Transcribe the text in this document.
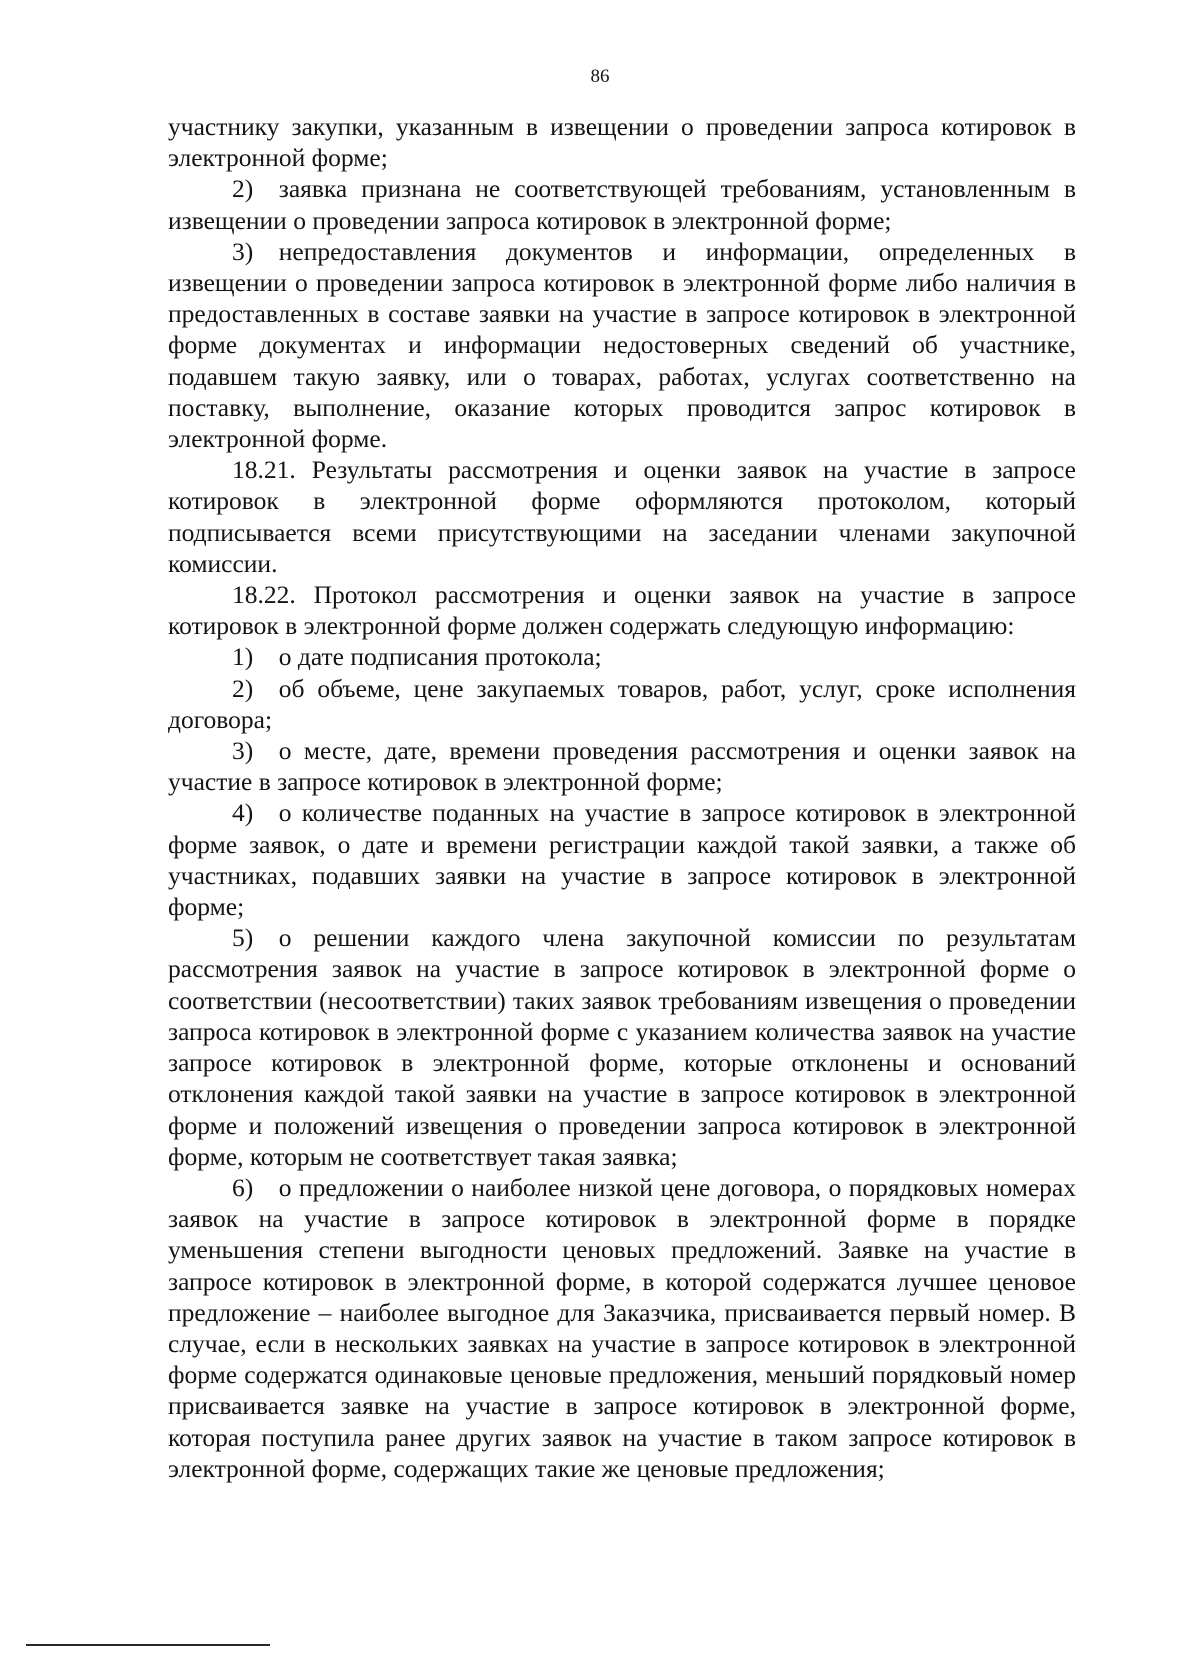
86

участнику закупки, указанным в извещении о проведении запроса котировок в электронной форме;

2) заявка признана не соответствующей требованиям, установленным в извещении о проведении запроса котировок в электронной форме;

3) непредоставления документов и информации, определенных в извещении о проведении запроса котировок в электронной форме либо наличия в предоставленных в составе заявки на участие в запросе котировок в электронной форме документах и информации недостоверных сведений об участнике, подавшем такую заявку, или о товарах, работах, услугах соответственно на поставку, выполнение, оказание которых проводится запрос котировок в электронной форме.

18.21. Результаты рассмотрения и оценки заявок на участие в запросе котировок в электронной форме оформляются протоколом, который подписывается всеми присутствующими на заседании членами закупочной комиссии.

18.22. Протокол рассмотрения и оценки заявок на участие в запросе котировок в электронной форме должен содержать следующую информацию:

1) о дате подписания протокола;

2) об объеме, цене закупаемых товаров, работ, услуг, сроке исполнения договора;

3) о месте, дате, времени проведения рассмотрения и оценки заявок на участие в запросе котировок в электронной форме;

4) о количестве поданных на участие в запросе котировок в электронной форме заявок, о дате и времени регистрации каждой такой заявки, а также об участниках, подавших заявки на участие в запросе котировок в электронной форме;

5) о решении каждого члена закупочной комиссии по результатам рассмотрения заявок на участие в запросе котировок в электронной форме о соответствии (несоответствии) таких заявок требованиям извещения о проведении запроса котировок в электронной форме с указанием количества заявок на участие запросе котировок в электронной форме, которые отклонены и оснований отклонения каждой такой заявки на участие в запросе котировок в электронной форме и положений извещения о проведении запроса котировок в электронной форме, которым не соответствует такая заявка;

6) о предложении о наиболее низкой цене договора, о порядковых номерах заявок на участие в запросе котировок в электронной форме в порядке уменьшения степени выгодности ценовых предложений. Заявке на участие в запросе котировок в электронной форме, в которой содержатся лучшее ценовое предложение – наиболее выгодное для Заказчика, присваивается первый номер. В случае, если в нескольких заявках на участие в запросе котировок в электронной форме содержатся одинаковые ценовые предложения, меньший порядковый номер присваивается заявке на участие в запросе котировок в электронной форме, которая поступила ранее других заявок на участие в таком запросе котировок в электронной форме, содержащих такие же ценовые предложения;
